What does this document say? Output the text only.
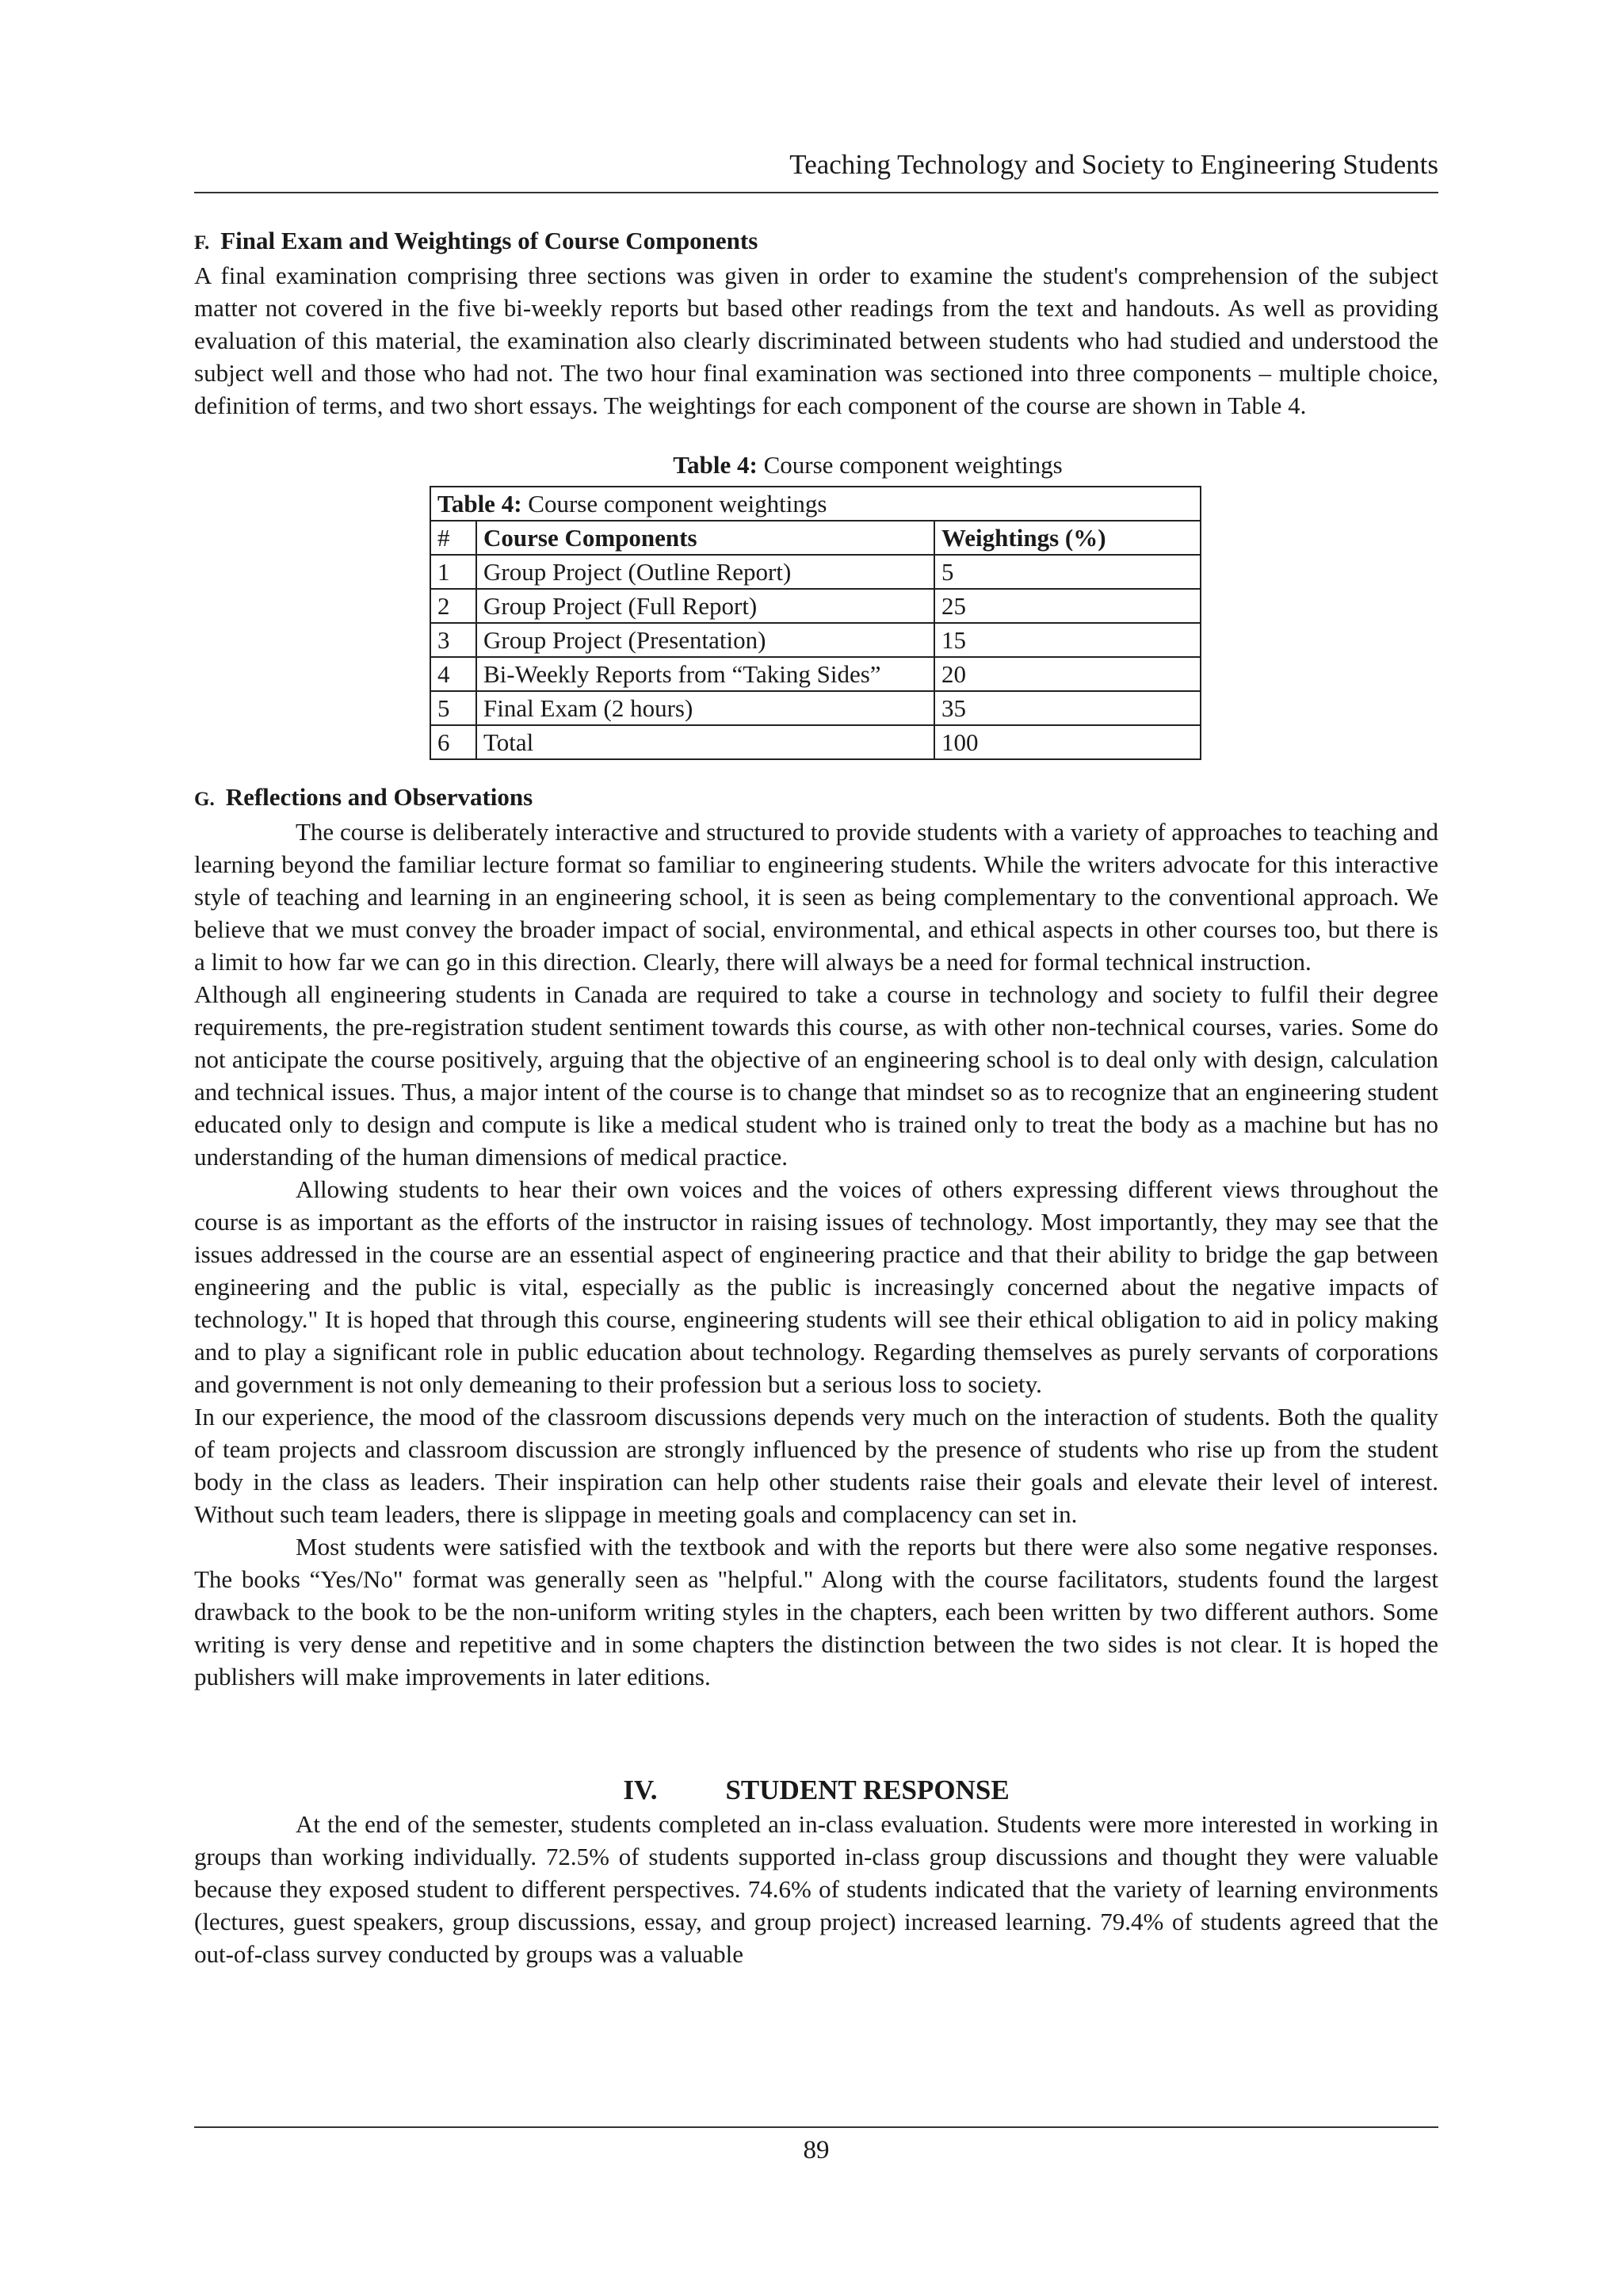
Teaching Technology and Society to Engineering Students
F. Final Exam and Weightings of Course Components

A final examination comprising three sections was given in order to examine the student's comprehension of the subject matter not covered in the five bi-weekly reports but based other readings from the text and handouts. As well as providing evaluation of this material, the examination also clearly discriminated between students who had studied and understood the subject well and those who had not. The two hour final examination was sectioned into three components – multiple choice, definition of terms, and two short essays. The weightings for each component of the course are shown in Table 4.

Table 4: Course component weightings
Table 4: Course component weightings		
#	Course Components	Weightings (%)
1	Group Project (Outline Report)	5
2	Group Project (Full Report)	25
3	Group Project (Presentation)	15
4	Bi-Weekly Reports from “Taking Sides”	20
5	Final Exam (2 hours)	35
6	Total	100
G. Reflections and Observations

The course is deliberately interactive and structured to provide students with a variety of approaches to teaching and learning beyond the familiar lecture format so familiar to engineering students. While the writers advocate for this interactive style of teaching and learning in an engineering school, it is seen as being complementary to the conventional approach. We believe that we must convey the broader impact of social, environmental, and ethical aspects in other courses too, but there is a limit to how far we can go in this direction. Clearly, there will always be a need for formal technical instruction.

Although all engineering students in Canada are required to take a course in technology and society to fulfil their degree requirements, the pre-registration student sentiment towards this course, as with other non-technical courses, varies. Some do not anticipate the course positively, arguing that the objective of an engineering school is to deal only with design, calculation and technical issues. Thus, a major intent of the course is to change that mindset so as to recognize that an engineering student educated only to design and compute is like a medical student who is trained only to treat the body as a machine but has no understanding of the human dimensions of medical practice.

Allowing students to hear their own voices and the voices of others expressing different views throughout the course is as important as the efforts of the instructor in raising issues of technology. Most importantly, they may see that the issues addressed in the course are an essential aspect of engineering practice and that their ability to bridge the gap between engineering and the public is vital, especially as the public is increasingly concerned about the negative impacts of technology." It is hoped that through this course, engineering students will see their ethical obligation to aid in policy making and to play a significant role in public education about technology. Regarding themselves as purely servants of corporations and government is not only demeaning to their profession but a serious loss to society.

In our experience, the mood of the classroom discussions depends very much on the interaction of students. Both the quality of team projects and classroom discussion are strongly influenced by the presence of students who rise up from the student body in the class as leaders. Their inspiration can help other students raise their goals and elevate their level of interest. Without such team leaders, there is slippage in meeting goals and complacency can set in.

Most students were satisfied with the textbook and with the reports but there were also some negative responses. The books “Yes/No" format was generally seen as "helpful." Along with the course facilitators, students found the largest drawback to the book to be the non-uniform writing styles in the chapters, each been written by two different authors. Some writing is very dense and repetitive and in some chapters the distinction between the two sides is not clear. It is hoped the publishers will make improvements in later editions.

IV. STUDENT RESPONSE

At the end of the semester, students completed an in-class evaluation. Students were more interested in working in groups than working individually. 72.5% of students supported in-class group discussions and thought they were valuable because they exposed student to different perspectives. 74.6% of students indicated that the variety of learning environments (lectures, guest speakers, group discussions, essay, and group project) increased learning. 79.4% of students agreed that the out-of-class survey conducted by groups was a valuable

89
